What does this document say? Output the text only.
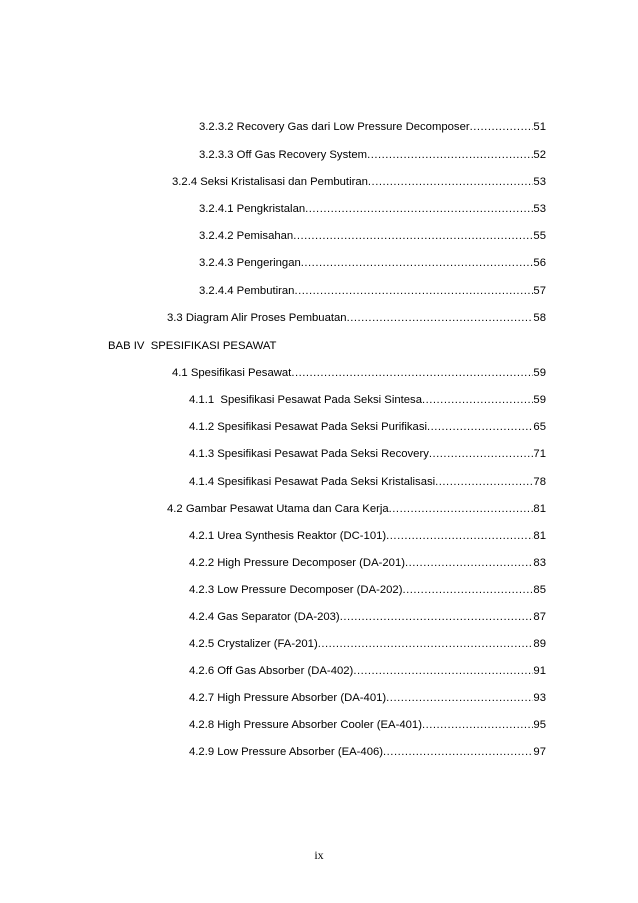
3.2.3.2 Recovery Gas dari Low Pressure Decomposer .....	51
3.2.3.3 Off Gas Recovery System .....	52
3.2.4 Seksi Kristalisasi dan Pembutiran .....	53
3.2.4.1 Pengkristalan .....	53
3.2.4.2 Pemisahan .....	55
3.2.4.3 Pengeringan .....	56
3.2.4.4 Pembutiran .....	57
3.3 Diagram Alir Proses Pembuatan .....	58
BAB IV  SPESIFIKASI PESAWAT
4.1 Spesifikasi Pesawat .....	59
4.1.1  Spesifikasi Pesawat Pada Seksi Sintesa .....	59
4.1.2 Spesifikasi Pesawat Pada Seksi Purifikasi .....	65
4.1.3 Spesifikasi Pesawat Pada Seksi Recovery .....	71
4.1.4 Spesifikasi Pesawat Pada Seksi Kristalisasi .....	78
4.2 Gambar Pesawat Utama dan Cara Kerja .....	81
4.2.1 Urea Synthesis Reaktor (DC-101) .....	81
4.2.2 High Pressure Decomposer (DA-201) .....	83
4.2.3 Low Pressure Decomposer (DA-202) .....	85
4.2.4 Gas Separator (DA-203) .....	87
4.2.5 Crystalizer (FA-201) .....	89
4.2.6 Off Gas Absorber (DA-402) .....	91
4.2.7 High Pressure Absorber (DA-401) .....	93
4.2.8 High Pressure Absorber Cooler (EA-401) .....	95
4.2.9 Low Pressure Absorber (EA-406) .....	97
ix
